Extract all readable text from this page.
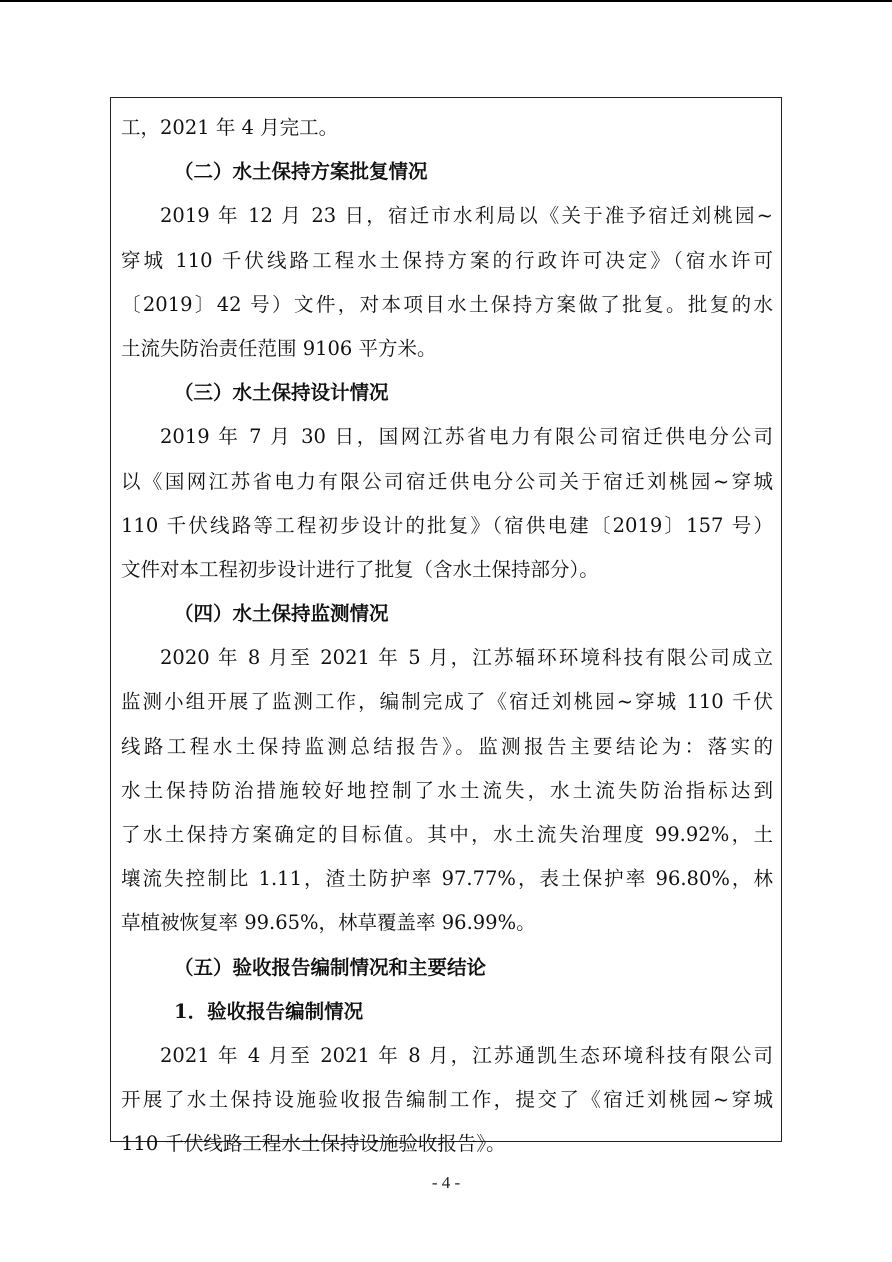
工，2021 年 4 月完工。
（二）水土保持方案批复情况
2019 年 12 月 23 日，宿迁市水利局以《关于准予宿迁刘桃园~
穿城 110 千伏线路工程水土保持方案的行政许可决定》（宿水许可
〔2019〕42 号）文件，对本项目水土保持方案做了批复。批复的水
土流失防治责任范围 9106 平方米。
（三）水土保持设计情况
2019 年 7 月 30 日，国网江苏省电力有限公司宿迁供电分公司
以《国网江苏省电力有限公司宿迁供电分公司关于宿迁刘桃园~穿城
110 千伏线路等工程初步设计的批复》（宿供电建〔2019〕157 号）
文件对本工程初步设计进行了批复（含水土保持部分）。
（四）水土保持监测情况
2020 年 8 月至 2021 年 5 月，江苏辐环环境科技有限公司成立
监测小组开展了监测工作，编制完成了《宿迁刘桃园~穿城 110 千伏
线路工程水土保持监测总结报告》。监测报告主要结论为：落实的
水土保持防治措施较好地控制了水土流失，水土流失防治指标达到
了水土保持方案确定的目标值。其中，水土流失治理度 99.92%，土
壤流失控制比 1.11，渣土防护率 97.77%，表土保护率 96.80%，林
草植被恢复率 99.65%，林草覆盖率 96.99%。
（五）验收报告编制情况和主要结论
1．验收报告编制情况
2021 年 4 月至 2021 年 8 月，江苏通凯生态环境科技有限公司
开展了水土保持设施验收报告编制工作，提交了《宿迁刘桃园~穿城
110 千伏线路工程水土保持设施验收报告》。
- 4 -
